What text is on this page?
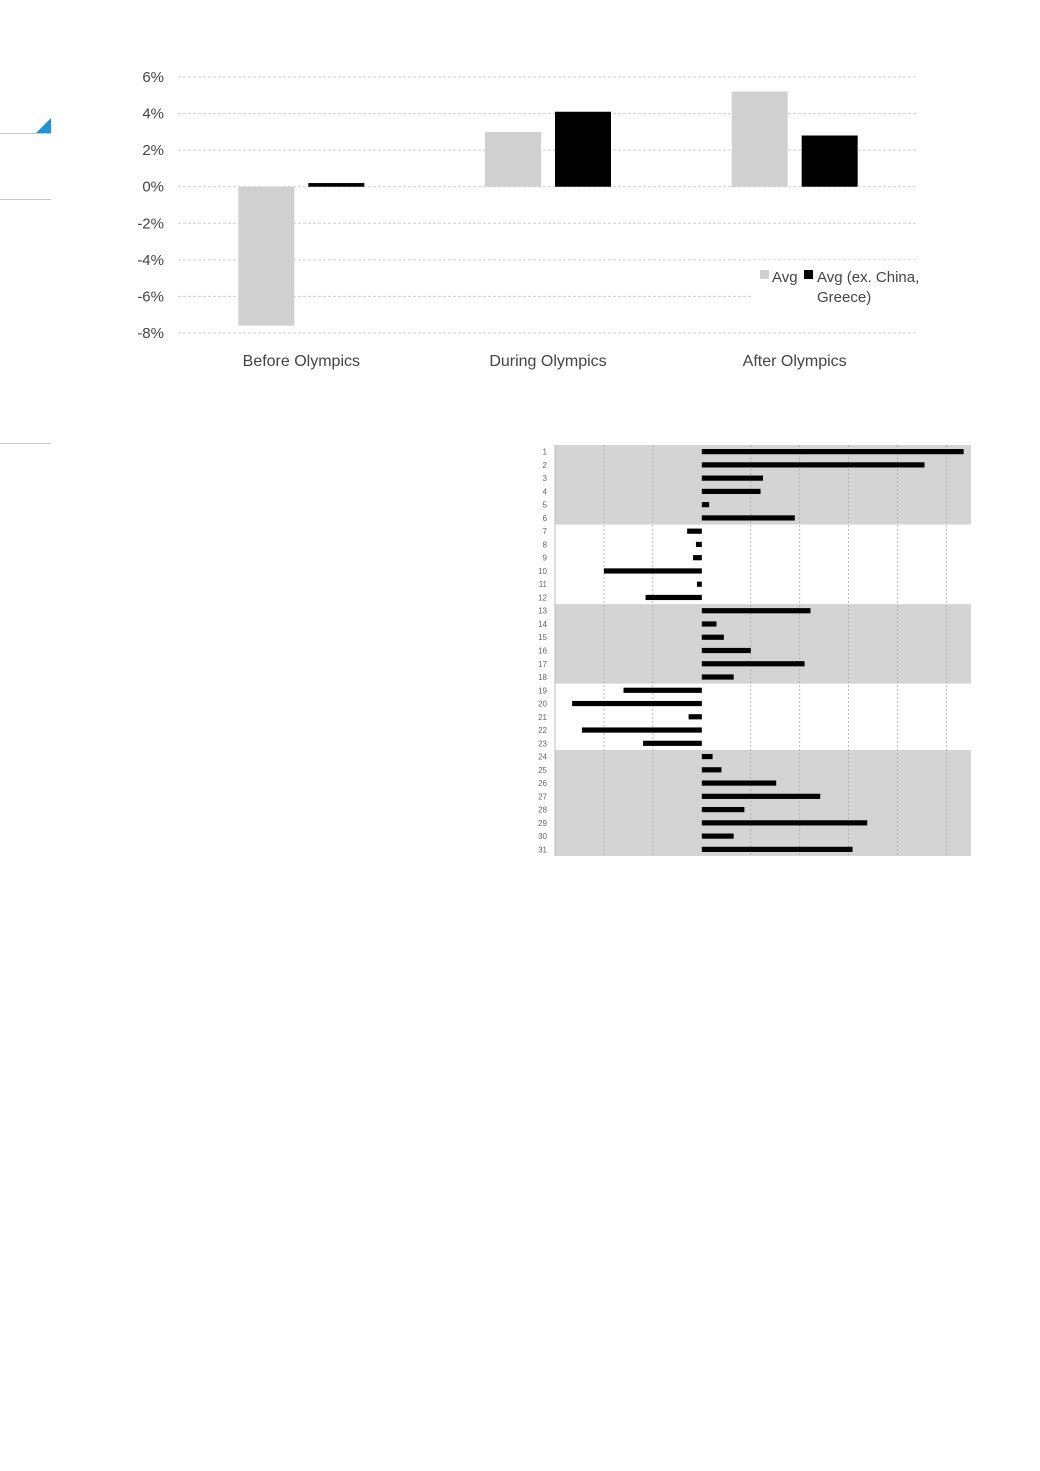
6%
4%
2%
0%
-2%
-4%
-6%
-8%
Before Olympics	During Olympics	After Olympics
Avg Avg (ex. China, Greece)
1
2
3
4
5
6
7
8
9
10
11
12
13
14
15
16
17
18
19
20
21
22
23
24
25
26
27
28
29
30
31
